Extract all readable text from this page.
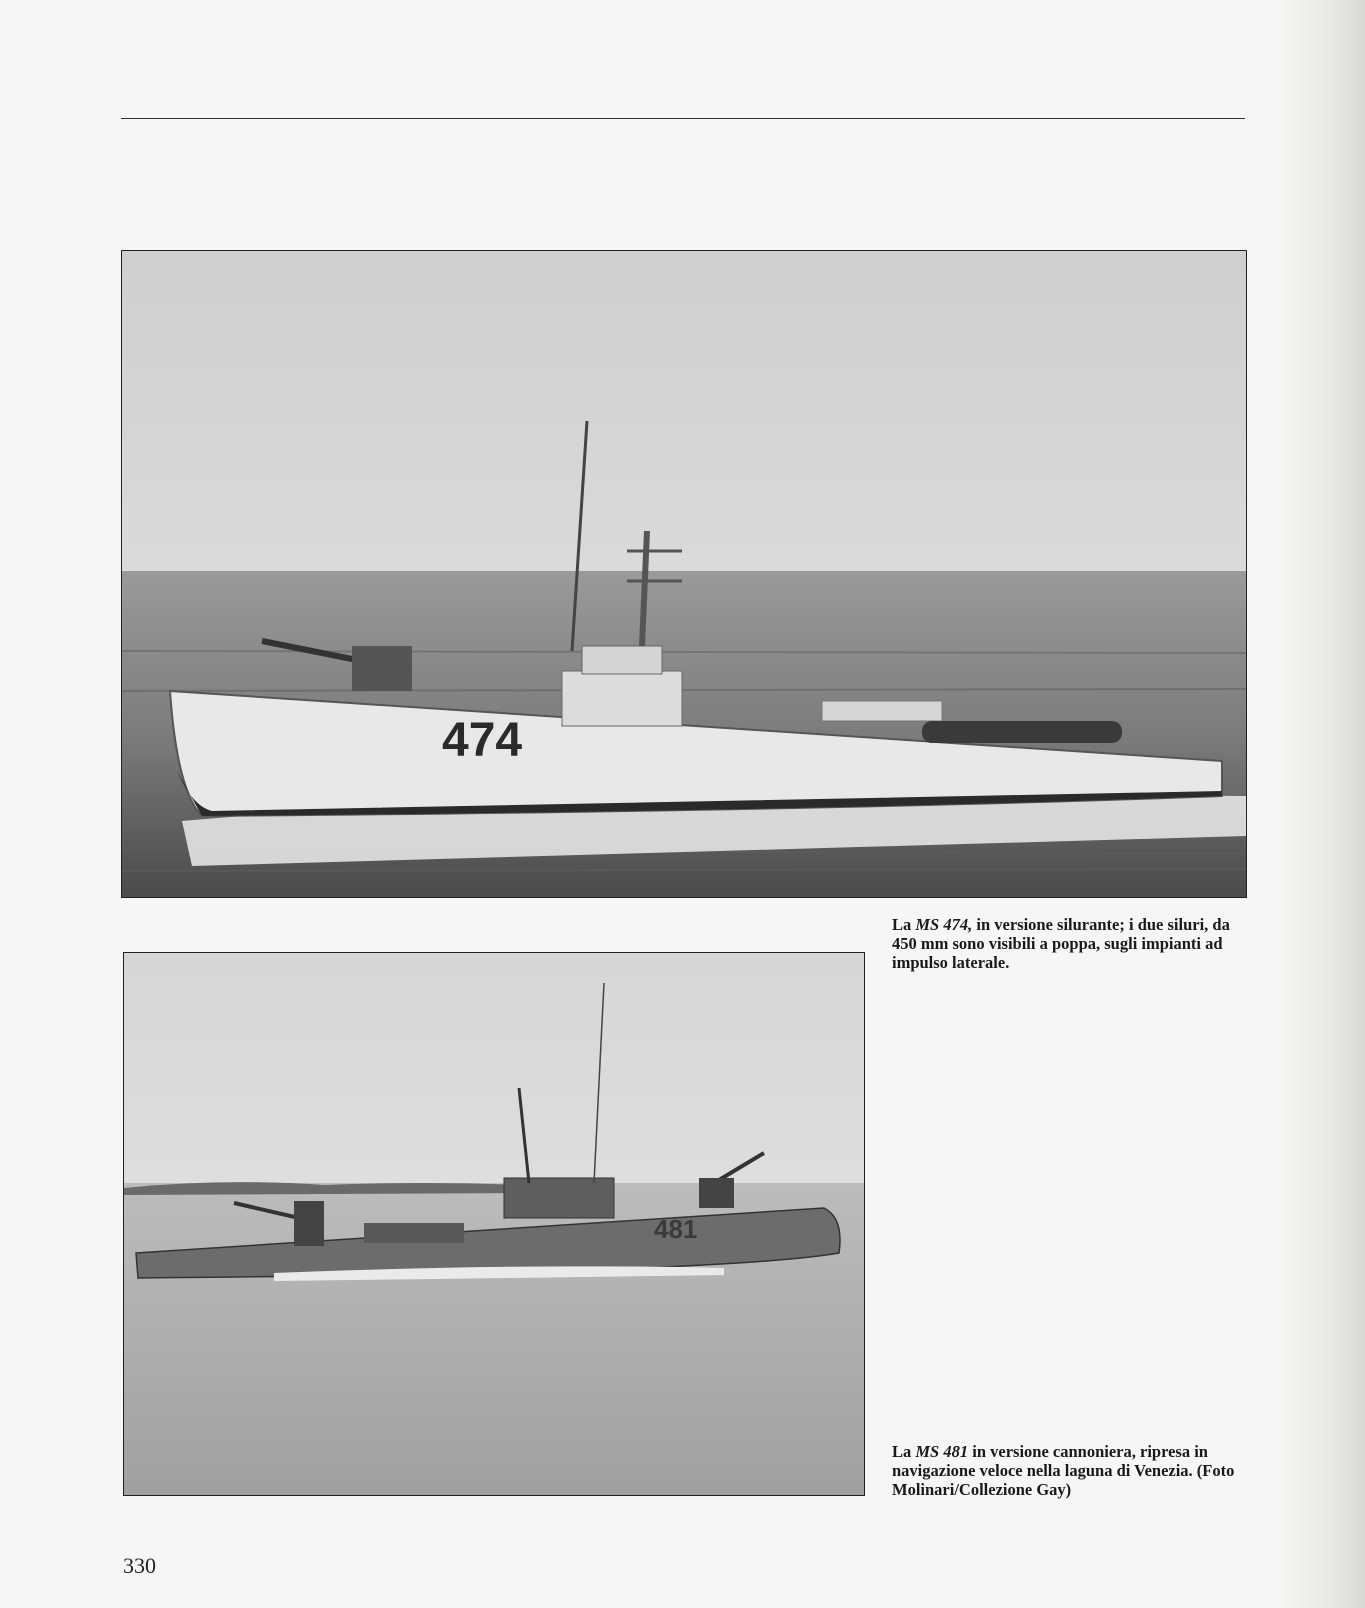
474
La MS 474, in versione silurante; i due siluri, da 450 mm sono visibili a poppa, sugli impianti ad impulso laterale.
481
La MS 481 in versione cannoniera, ripresa in navigazione veloce nella laguna di Venezia. (Foto Molinari/Collezione Gay)
330
